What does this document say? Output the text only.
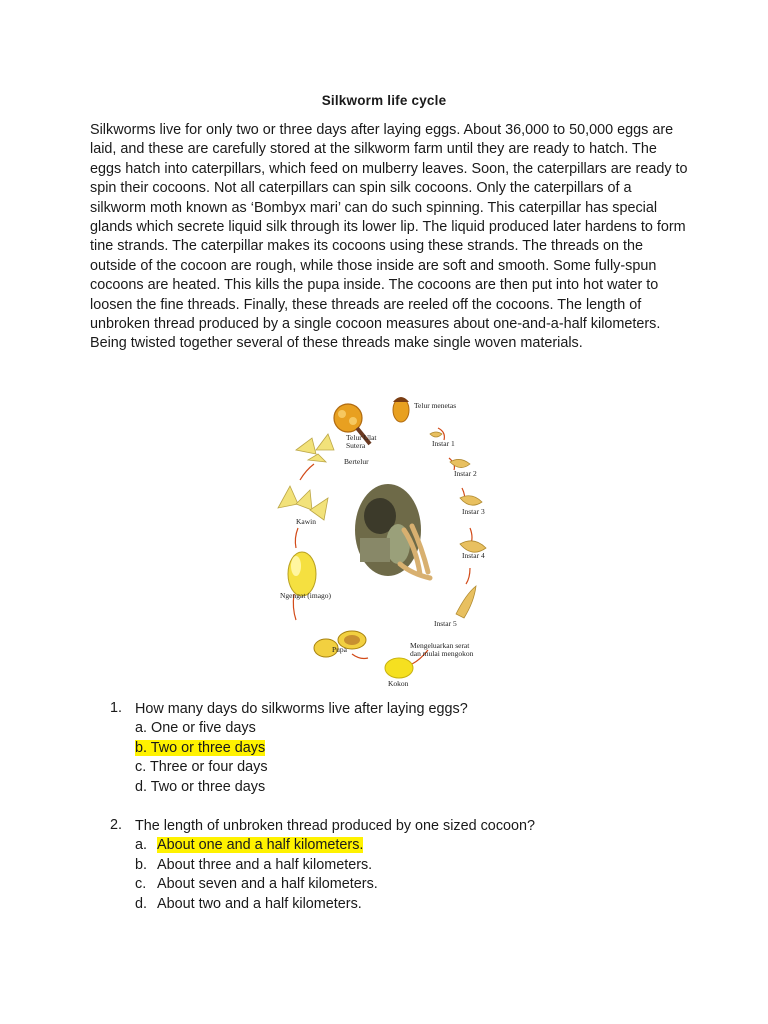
Silkworm life cycle

Silkworms live for only two or three days after laying eggs. About 36,000 to 50,000 eggs are laid, and these are carefully stored at the silkworm farm until they are ready to hatch. The eggs hatch into caterpillars, which feed on mulberry leaves. Soon, the caterpillars are ready to spin their cocoons. Not all caterpillars can spin silk cocoons. Only the caterpillars of a silkworm moth known as ‘Bombyx mari’ can do such spinning. This caterpillar has special glands which secrete liquid silk through its lower lip. The liquid produced later hardens to form tine strands. The caterpillar makes its cocoons using these strands. The threads on the outside of the cocoon are rough, while those inside are soft and smooth. Some fully-spun cocoons are heated. This kills the pupa inside. The cocoons are then put into hot water to loosen the fine threads. Finally, these threads are reeled off the cocoons. The length of unbroken thread produced by a single cocoon measures about one-and-a-half kilometers. Being twisted together several of these threads make single woven materials.

Telur menetas
Telur Ulat
Sutera	Instar 1
Instar 2
Instar 3
Instar 4
Instar 5
Bertelur
Kawin
Ngengat (imago)
Pupa
Kokon
Mengeluarkan serat
dan mulai mengokon
1. How many days do silkworms live after laying eggs?
a. One or five days
b. Two or three days
c. Three or four days
d. Two or three days
2. The length of unbroken thread produced by one sized cocoon?
a. About one and a half kilometers.
b. About three and a half kilometers.
c. About seven and a half kilometers.
d. About two and a half kilometers.
